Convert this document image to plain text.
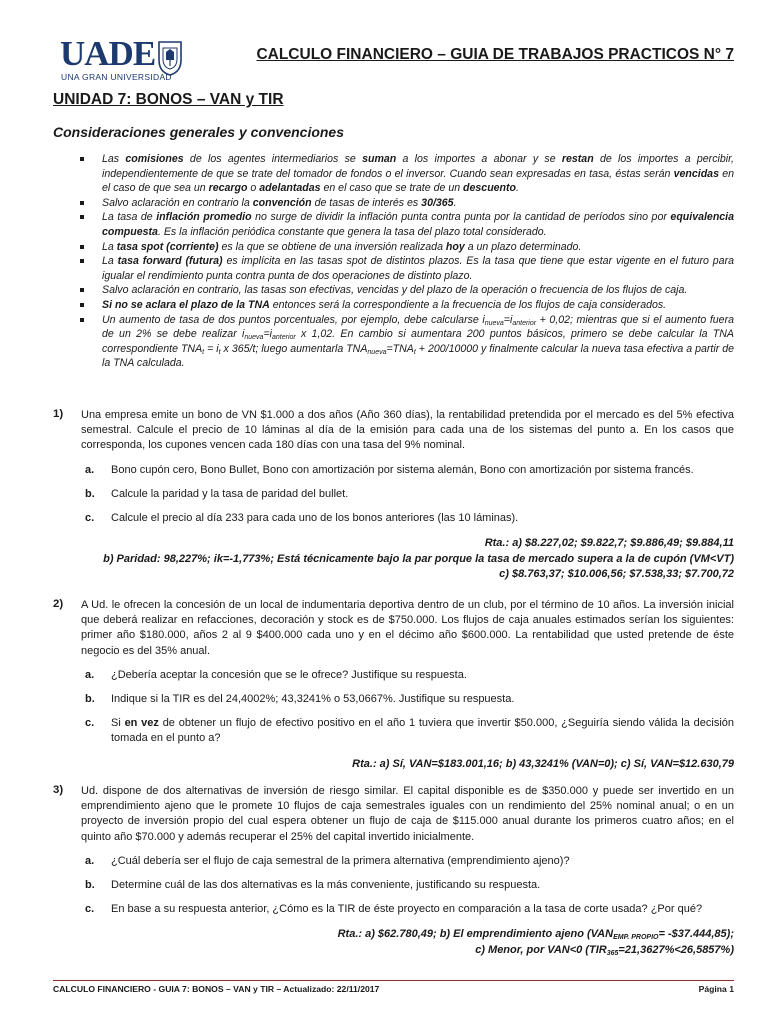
UADE
UNA GRAN UNIVERSIDAD
CALCULO FINANCIERO – GUIA DE TRABAJOS PRACTICOS N° 7
UNIDAD 7: BONOS – VAN y TIR
Consideraciones generales y convenciones
Las comisiones de los agentes intermediarios se suman a los importes a abonar y se restan de los importes a percibir, independientemente de que se trate del tomador de fondos o el inversor. Cuando sean expresadas en tasa, éstas serán vencidas en el caso de que sea un recargo o adelantadas en el caso que se trate de un descuento.
Salvo aclaración en contrario la convención de tasas de interés es 30/365.
La tasa de inflación promedio no surge de dividir la inflación punta contra punta por la cantidad de períodos sino por equivalencia compuesta. Es la inflación periódica constante que genera la tasa del plazo total considerado.
La tasa spot (corriente) es la que se obtiene de una inversión realizada hoy a un plazo determinado.
La tasa forward (futura) es implícita en las tasas spot de distintos plazos. Es la tasa que tiene que estar vigente en el futuro para igualar el rendimiento punta contra punta de dos operaciones de distinto plazo.
Salvo aclaración en contrario, las tasas son efectivas, vencidas y del plazo de la operación o frecuencia de los flujos de caja.
Si no se aclara el plazo de la TNA entonces será la correspondiente a la frecuencia de los flujos de caja considerados.
Un aumento de tasa de dos puntos porcentuales, por ejemplo, debe calcularse $i_{nueva}=i_{anterior} + 0,02$; mientras que si el aumento fuera de un 2% se debe realizar $i_{nueva}=i_{anterior}$ x 1,02. En cambio si aumentara 200 puntos básicos, primero se debe calcular la TNA correspondiente $TNA_t = i_t$ x 365/t; luego aumentarla $TNA_{nueva}=TNA_t + 200/10000$ y finalmente calcular la nueva tasa efectiva a partir de la TNA calculada.
1) Una empresa emite un bono de VN $1.000 a dos años (Año 360 días), la rentabilidad pretendida por el mercado es del 5% efectiva semestral. Calcule el precio de 10 láminas al día de la emisión para cada una de los sistemas del punto a. En los casos que corresponda, los cupones vencen cada 180 días con una tasa del 9% nominal.
a. Bono cupón cero, Bono Bullet, Bono con amortización por sistema alemán, Bono con amortización por sistema francés.
b. Calcule la paridad y la tasa de paridad del bullet.
c. Calcule el precio al día 233 para cada uno de los bonos anteriores (las 10 láminas).
Rta.: a) $8.227,02; $9.822,7; $9.886,49; $9.884,11
b) Paridad: 98,227%; ik=-1,773%; Está técnicamente bajo la par porque la tasa de mercado supera a la de cupón (VM<VT)
c) $8.763,37; $10.006,56; $7.538,33; $7.700,72
2) A Ud. le ofrecen la concesión de un local de indumentaria deportiva dentro de un club, por el término de 10 años. La inversión inicial que deberá realizar en refacciones, decoración y stock es de $750.000. Los flujos de caja anuales estimados serían los siguientes: primer año $180.000, años 2 al 9 $400.000 cada uno y en el décimo año $600.000. La rentabilidad que usted pretende de éste negocio es del 35% anual.
a. ¿Debería aceptar la concesión que se le ofrece? Justifique su respuesta.
b. Indique si la TIR es del 24,4002%; 43,3241% o 53,0667%. Justifique su respuesta.
c. Si en vez de obtener un flujo de efectivo positivo en el año 1 tuviera que invertir $50.000, ¿Seguiría siendo válida la decisión tomada en el punto a?
Rta.: a) Sí, VAN=$183.001,16; b) 43,3241% (VAN=0); c) Sí, VAN=$12.630,79
3) Ud. dispone de dos alternativas de inversión de riesgo similar. El capital disponible es de $350.000 y puede ser invertido en un emprendimiento ajeno que le promete 10 flujos de caja semestrales iguales con un rendimiento del 25% nominal anual; o en un proyecto de inversión propio del cual espera obtener un flujo de caja de $115.000 anual durante los primeros cuatro años; en el quinto año $70.000 y además recuperar el 25% del capital invertido inicialmente.
a. ¿Cuál debería ser el flujo de caja semestral de la primera alternativa (emprendimiento ajeno)?
b. Determine cuál de las dos alternativas es la más conveniente, justificando su respuesta.
c. En base a su respuesta anterior, ¿Cómo es la TIR de éste proyecto en comparación a la tasa de corte usada? ¿Por qué?
Rta.: a) $62.780,49; b) El emprendimiento ajeno ($VAN_{EMP. PROPIO}=$ -$37.444,85);
c) Menor, por VAN<0 $(TIR_{365}=21,3627\%<26,5857\%)$
CALCULO FINANCIERO - GUIA 7: BONOS – VAN y TIR – Actualizado: 22/11/2017	Página 1
